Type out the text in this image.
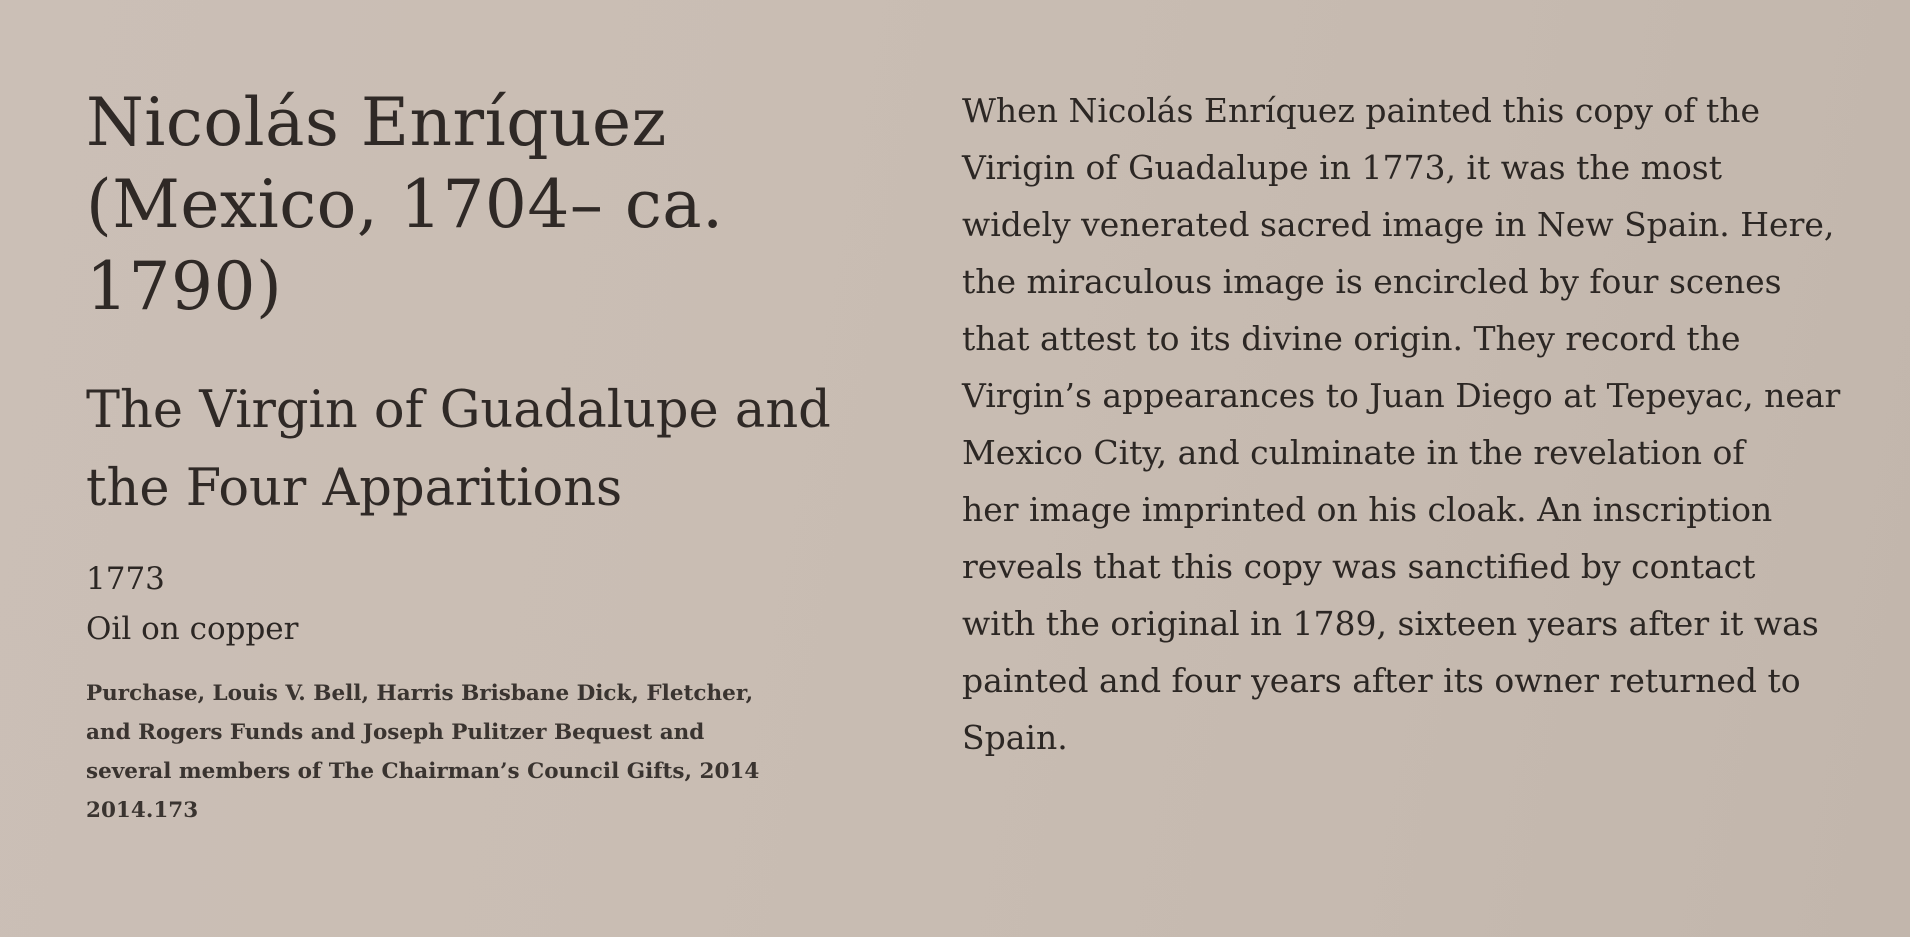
Nicolás Enríquez
(Mexico, 1704– ca. 1790)
The Virgin of Guadalupe and
the Four Apparitions
1773
Oil on copper
Purchase, Louis V. Bell, Harris Brisbane Dick, Fletcher,
and Rogers Funds and Joseph Pulitzer Bequest and
several members of The Chairman’s Council Gifts, 2014
2014.173
When Nicolás Enríquez painted this copy of the
Virigin of Guadalupe in 1773, it was the most
widely venerated sacred image in New Spain. Here,
the miraculous image is encircled by four scenes
that attest to its divine origin. They record the
Virgin’s appearances to Juan Diego at Tepeyac, near
Mexico City, and culminate in the revelation of
her image imprinted on his cloak. An inscription
reveals that this copy was sanctified by contact
with the original in 1789, sixteen years after it was
painted and four years after its owner returned to
Spain.
